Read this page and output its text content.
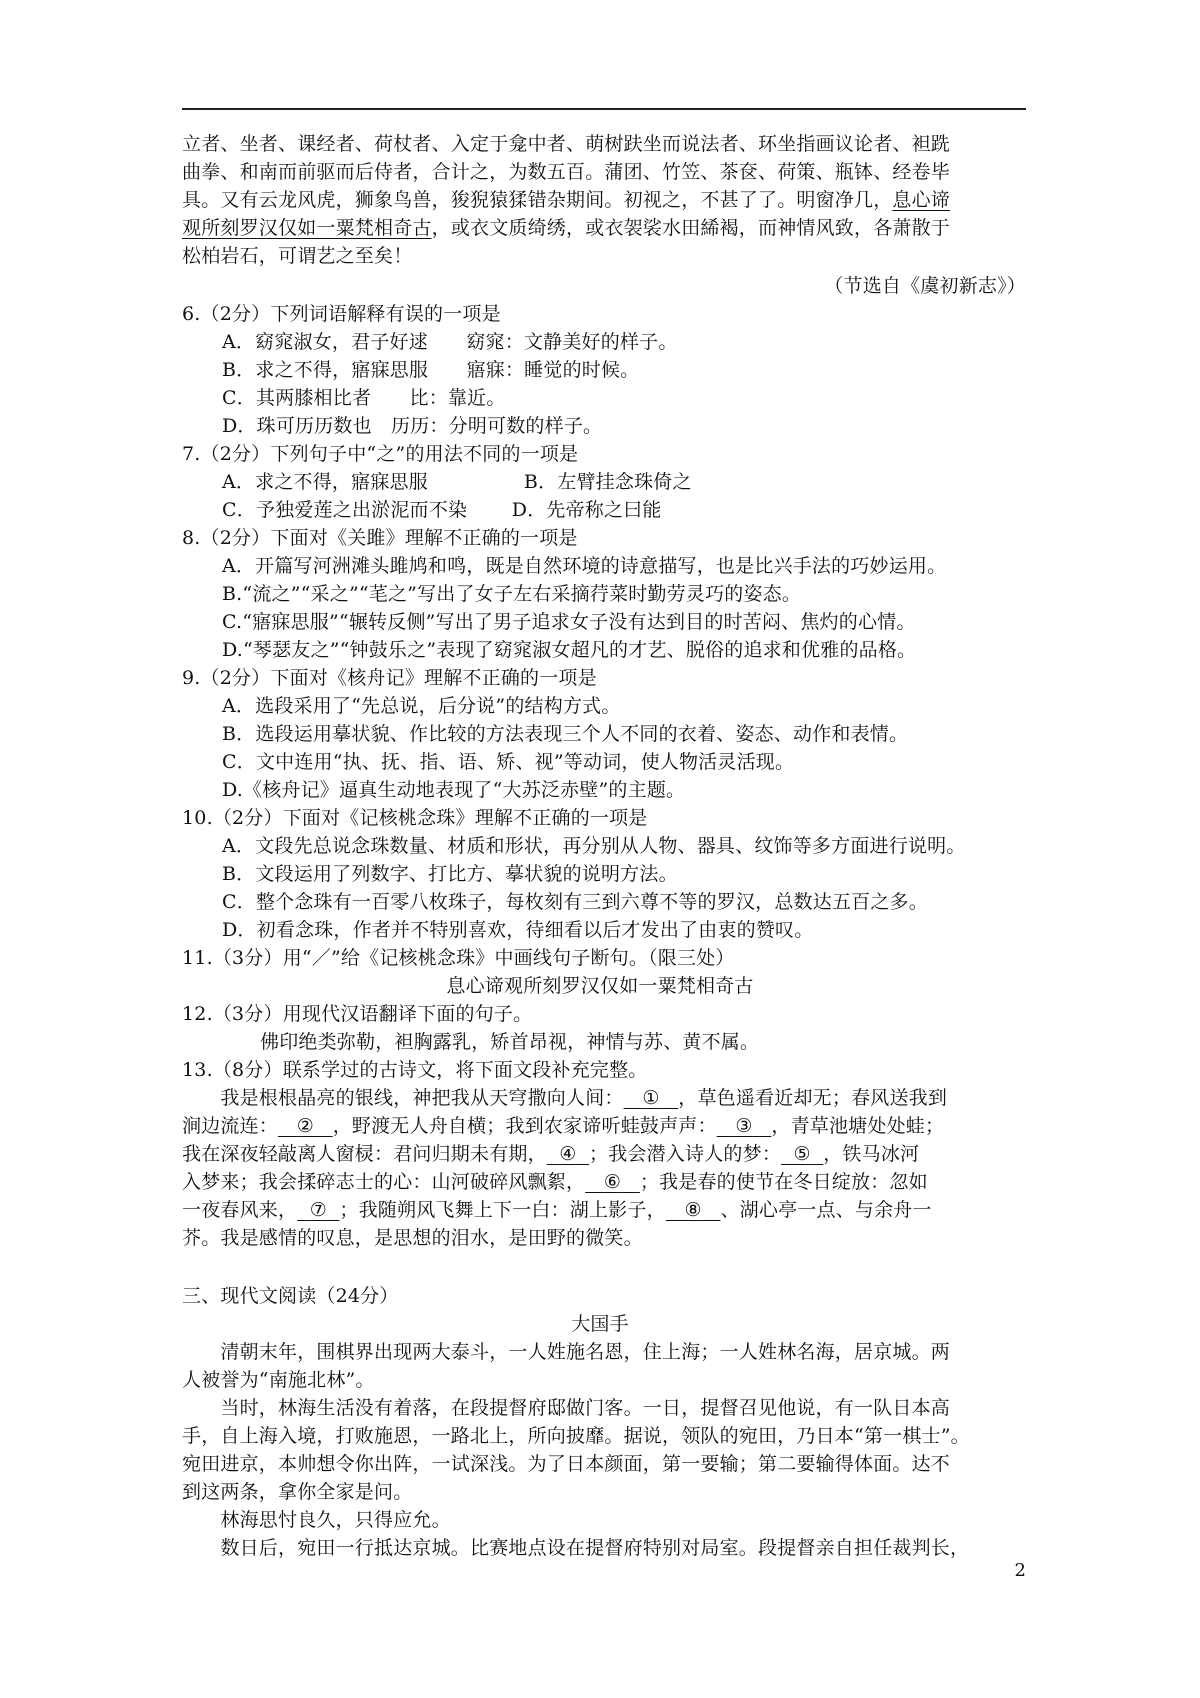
立者、坐者、课经者、荷杖者、入定于龛中者、萌树趺坐而说法者、环坐指画议论者、袒跣
曲拳、和南而前驱而后侍者，合计之，为数五百。蒲团、竹笠、茶奁、荷策、瓶钵、经卷毕
具。又有云龙风虎，狮象鸟兽，狻猊猿猱错杂期间。初视之，不甚了了。明窗净几，息心谛
观所刻罗汉仅如一粟梵相奇古，或衣文质绮绣，或衣袈裟水田絺褐，而神情风致，各萧散于
松柏岩石，可谓艺之至矣！
（节选自《虞初新志》）
6.（2分）下列词语解释有误的一项是
A．窈窕淑女，君子好逑　　窈窕：文静美好的样子。
B．求之不得，寤寐思服　　寤寐：睡觉的时候。
C．其两膝相比者　　比：靠近。
D．珠可历历数也　历历：分明可数的样子。
7.（2分）下列句子中“之”的用法不同的一项是
A．求之不得，寤寐思服　　　　　B．左臂挂念珠倚之
C．予独爱莲之出淤泥而不染　　 D．先帝称之曰能
8.（2分）下面对《关雎》理解不正确的一项是
A．开篇写河洲滩头雎鸠和鸣，既是自然环境的诗意描写，也是比兴手法的巧妙运用。
B.“流之”“采之”“芼之”写出了女子左右采摘荇菜时勤劳灵巧的姿态。
C.“寤寐思服”“辗转反侧”写出了男子追求女子没有达到目的时苦闷、焦灼的心情。
D.“琴瑟友之”“钟鼓乐之”表现了窈窕淑女超凡的才艺、脱俗的追求和优雅的品格。
9.（2分）下面对《核舟记》理解不正确的一项是
A．选段采用了“先总说，后分说”的结构方式。
B．选段运用摹状貌、作比较的方法表现三个人不同的衣着、姿态、动作和表情。
C．文中连用“执、抚、指、语、矫、视”等动词，使人物活灵活现。
D.《核舟记》逼真生动地表现了“大苏泛赤壁”的主题。
10.（2分）下面对《记核桃念珠》理解不正确的一项是
A．文段先总说念珠数量、材质和形状，再分别从人物、器具、纹饰等多方面进行说明。
B．文段运用了列数字、打比方、摹状貌的说明方法。
C．整个念珠有一百零八枚珠子，每枚刻有三到六尊不等的罗汉，总数达五百之多。
D．初看念珠，作者并不特别喜欢，待细看以后才发出了由衷的赞叹。
11.（3分）用“／”给《记核桃念珠》中画线句子断句。（限三处）
息心谛观所刻罗汉仅如一粟梵相奇古
12.（3分）用现代汉语翻译下面的句子。
佛印绝类弥勒，袒胸露乳，矫首昂视，神情与苏、黄不属。
13.（8分）联系学过的古诗文，将下面文段补充完整。
　　我是根根晶亮的银线，神把我从天穹撒向人间： ① ，草色遥看近却无；春风送我到
涧边流连： ② ，野渡无人舟自横；我到农家谛听蛙鼓声声： ③ ，青草池塘处处蛙；
我在深夜轻敲离人窗棂：君问归期未有期， ④ ；我会潜入诗人的梦： ⑤ ，铁马冰河
入梦来；我会揉碎志士的心：山河破碎风飘絮， ⑥ ；我是春的使节在冬日绽放：忽如
一夜春风来， ⑦ ；我随朔风飞舞上下一白：湖上影子， ⑧ 、湖心亭一点、与余舟一
芥。我是感情的叹息，是思想的泪水，是田野的微笑。
三、现代文阅读（24分）
大国手
　　清朝末年，围棋界出现两大泰斗，一人姓施名恩，住上海；一人姓林名海，居京城。两
人被誉为“南施北林”。
　　当时，林海生活没有着落，在段提督府邸做门客。一日，提督召见他说，有一队日本高
手，自上海入境，打败施恩，一路北上，所向披靡。据说，领队的宛田，乃日本“第一棋士”。
宛田进京，本帅想令你出阵，一试深浅。为了日本颜面，第一要输；第二要输得体面。达不
到这两条，拿你全家是问。
　　林海思忖良久，只得应允。
　　数日后，宛田一行抵达京城。比赛地点设在提督府特别对局室。段提督亲自担任裁判长，
2
